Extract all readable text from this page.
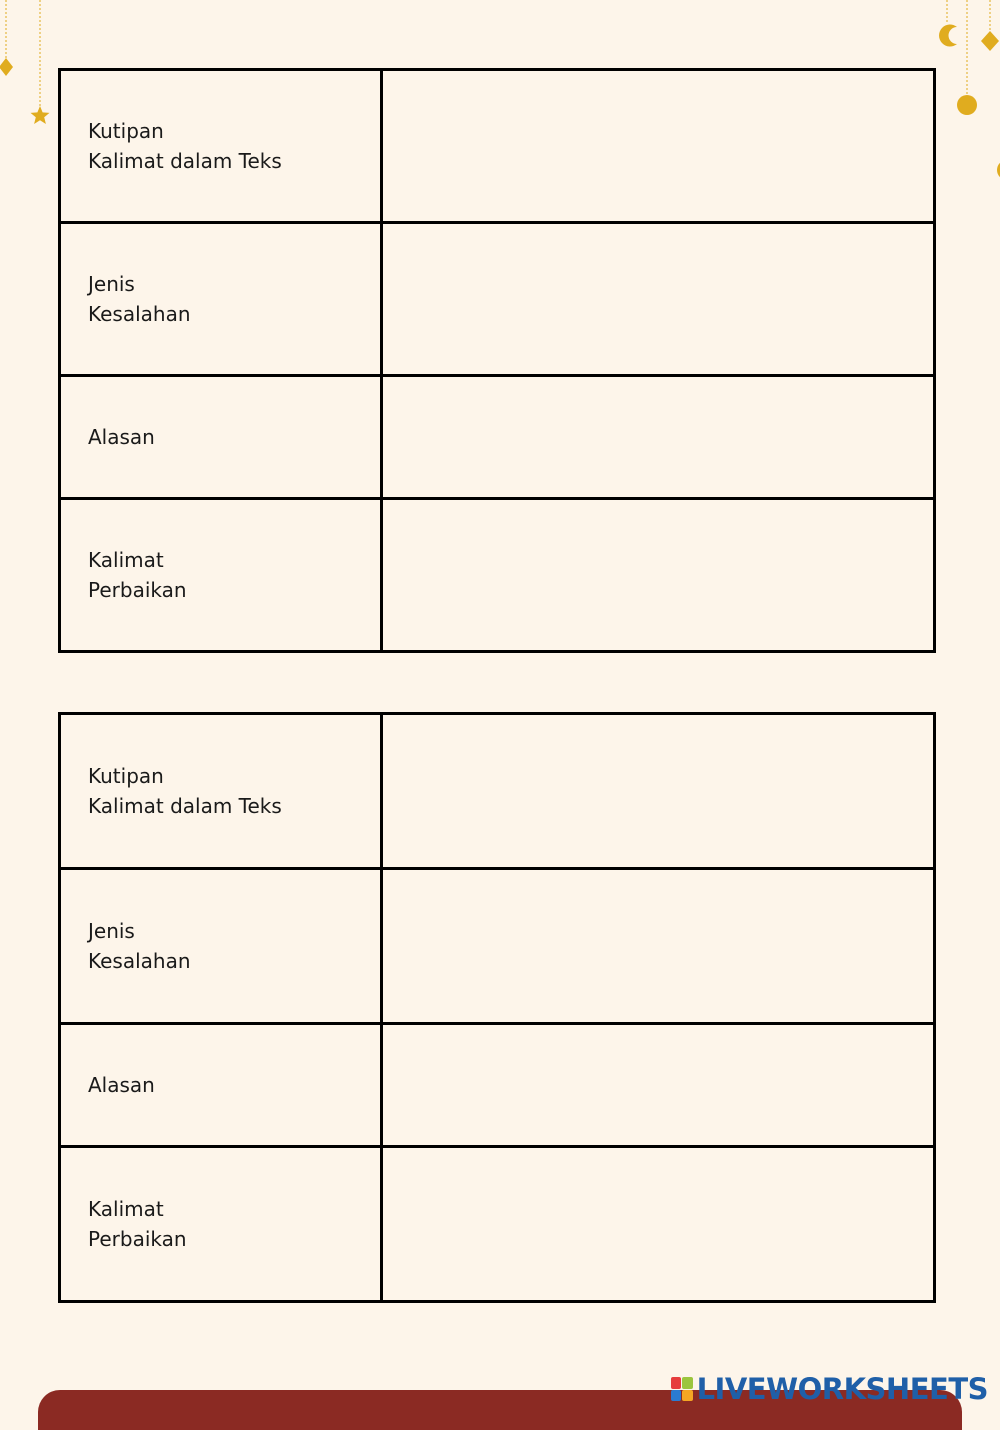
Kutipan
Kalimat dalam Teks	

Jenis
Kesalahan	

Alasan	

Kalimat
Perbaikan	

Kutipan
Kalimat dalam Teks	

Jenis
Kesalahan	

Alasan	

Kalimat
Perbaikan	

LIVEWORKSHEETS
